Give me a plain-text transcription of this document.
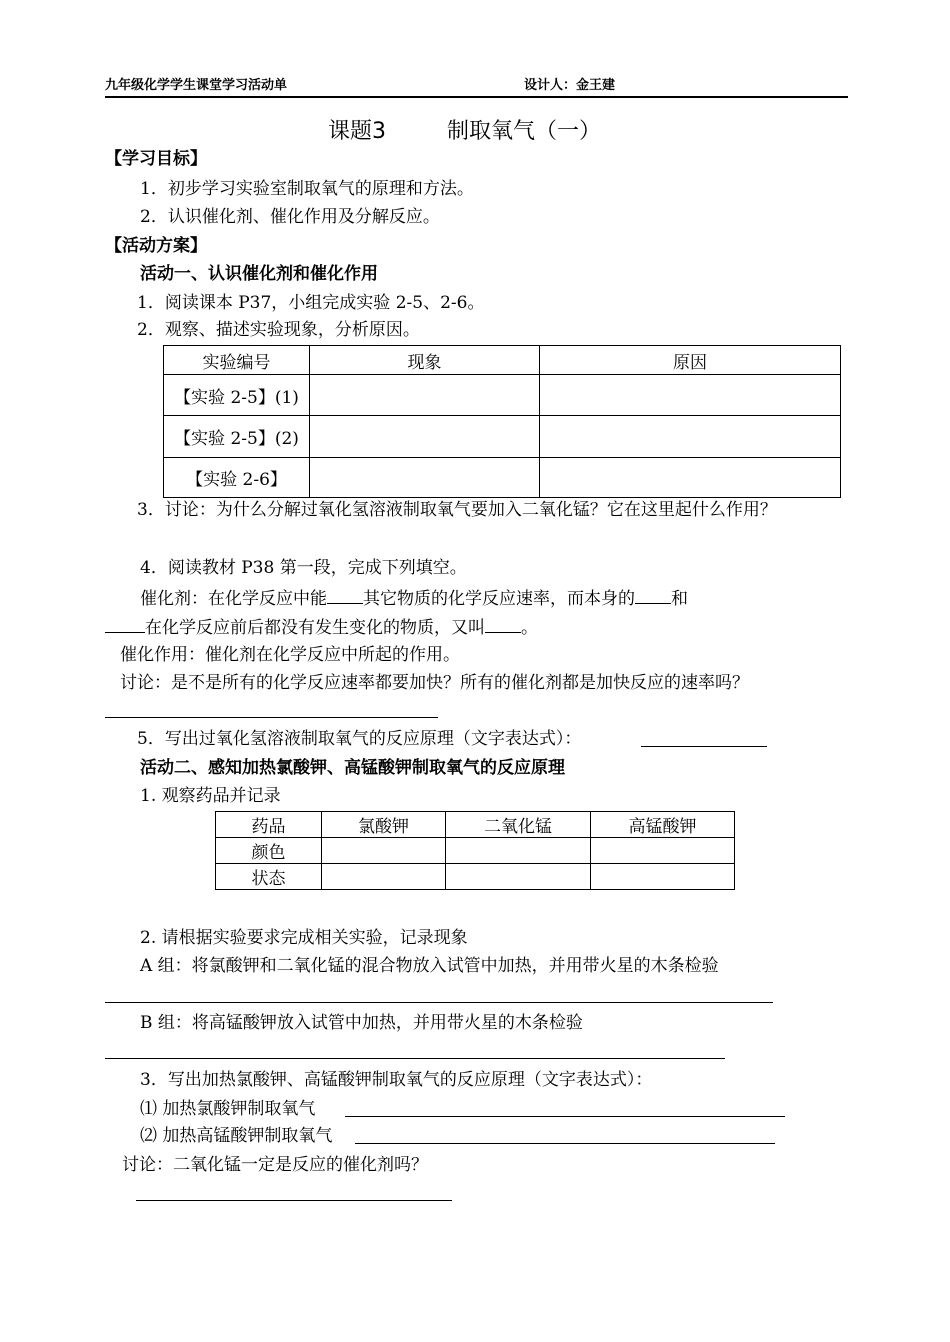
九年级化学学生课堂学习活动单	设计人：金王建
课题3	制取氧气（一）
【学习目标】
1．初步学习实验室制取氧气的原理和方法。
2．认识催化剂、催化作用及分解反应。
【活动方案】
活动一、认识催化剂和催化作用
1．阅读课本 P37，小组完成实验 2-5、2-6。
2．观察、描述实验现象，分析原因。
实验编号	现象	原因
【实验 2-5】(1)		
【实验 2-5】(2)		
【实验 2-6】		
3．讨论：为什么分解过氧化氢溶液制取氧气要加入二氧化锰？它在这里起什么作用？
4．阅读教材 P38 第一段，完成下列填空。
催化剂：在化学反应中能 其它物质的化学反应速率，而本身的 和
在化学反应前后都没有发生变化的物质，又叫 。
催化作用：催化剂在化学反应中所起的作用。
讨论：是不是所有的化学反应速率都要加快？所有的催化剂都是加快反应的速率吗？
5．写出过氧化氢溶液制取氧气的反应原理（文字表达式）：
活动二、感知加热氯酸钾、高锰酸钾制取氧气的反应原理
1. 观察药品并记录
药品	氯酸钾	二氧化锰	高锰酸钾
颜色			
状态			
2. 请根据实验要求完成相关实验，记录现象
A 组：将氯酸钾和二氧化锰的混合物放入试管中加热，并用带火星的木条检验
B 组：将高锰酸钾放入试管中加热，并用带火星的木条检验
3．写出加热氯酸钾、高锰酸钾制取氧气的反应原理（文字表达式）：
⑴ 加热氯酸钾制取氧气
⑵ 加热高锰酸钾制取氧气
讨论：二氧化锰一定是反应的催化剂吗？
